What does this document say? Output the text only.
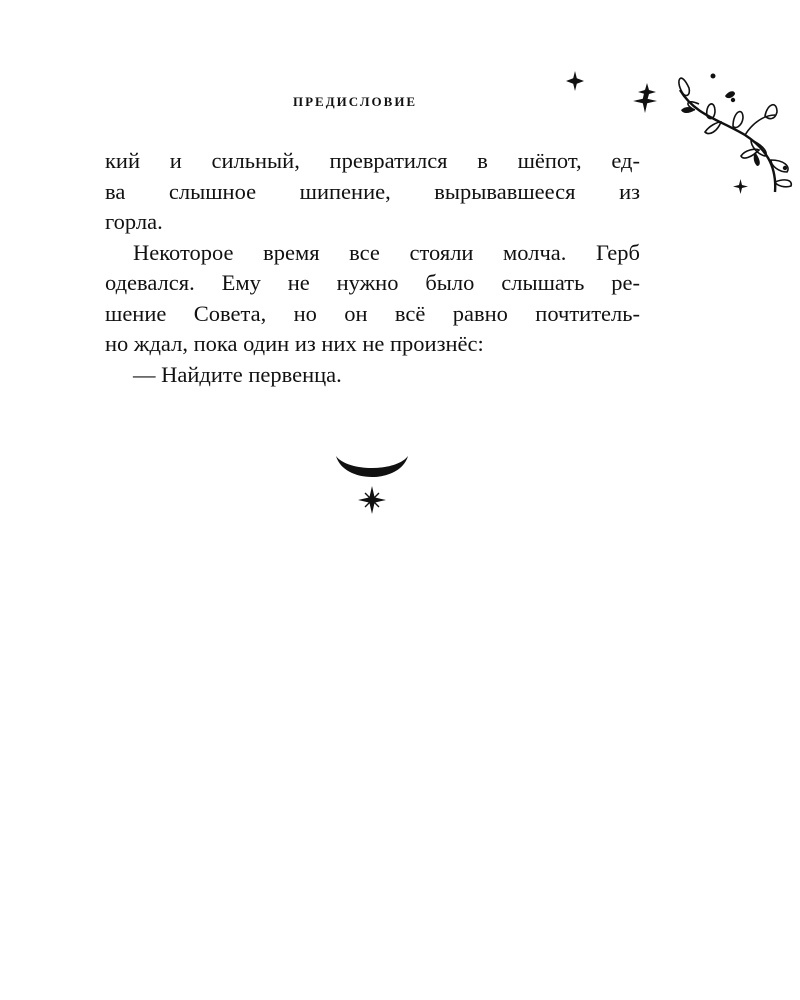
ПРЕДИСЛОВИЕ
кий и сильный, превратился в шёпот, ед-
ва слышное шипение, вырывавшееся из
горла.
Некоторое время все стояли молча. Герб
одевался. Ему не нужно было слышать ре-
шение Совета, но он всё равно почтитель-
но ждал, пока один из них не произнёс:
— Найдите первенца.
